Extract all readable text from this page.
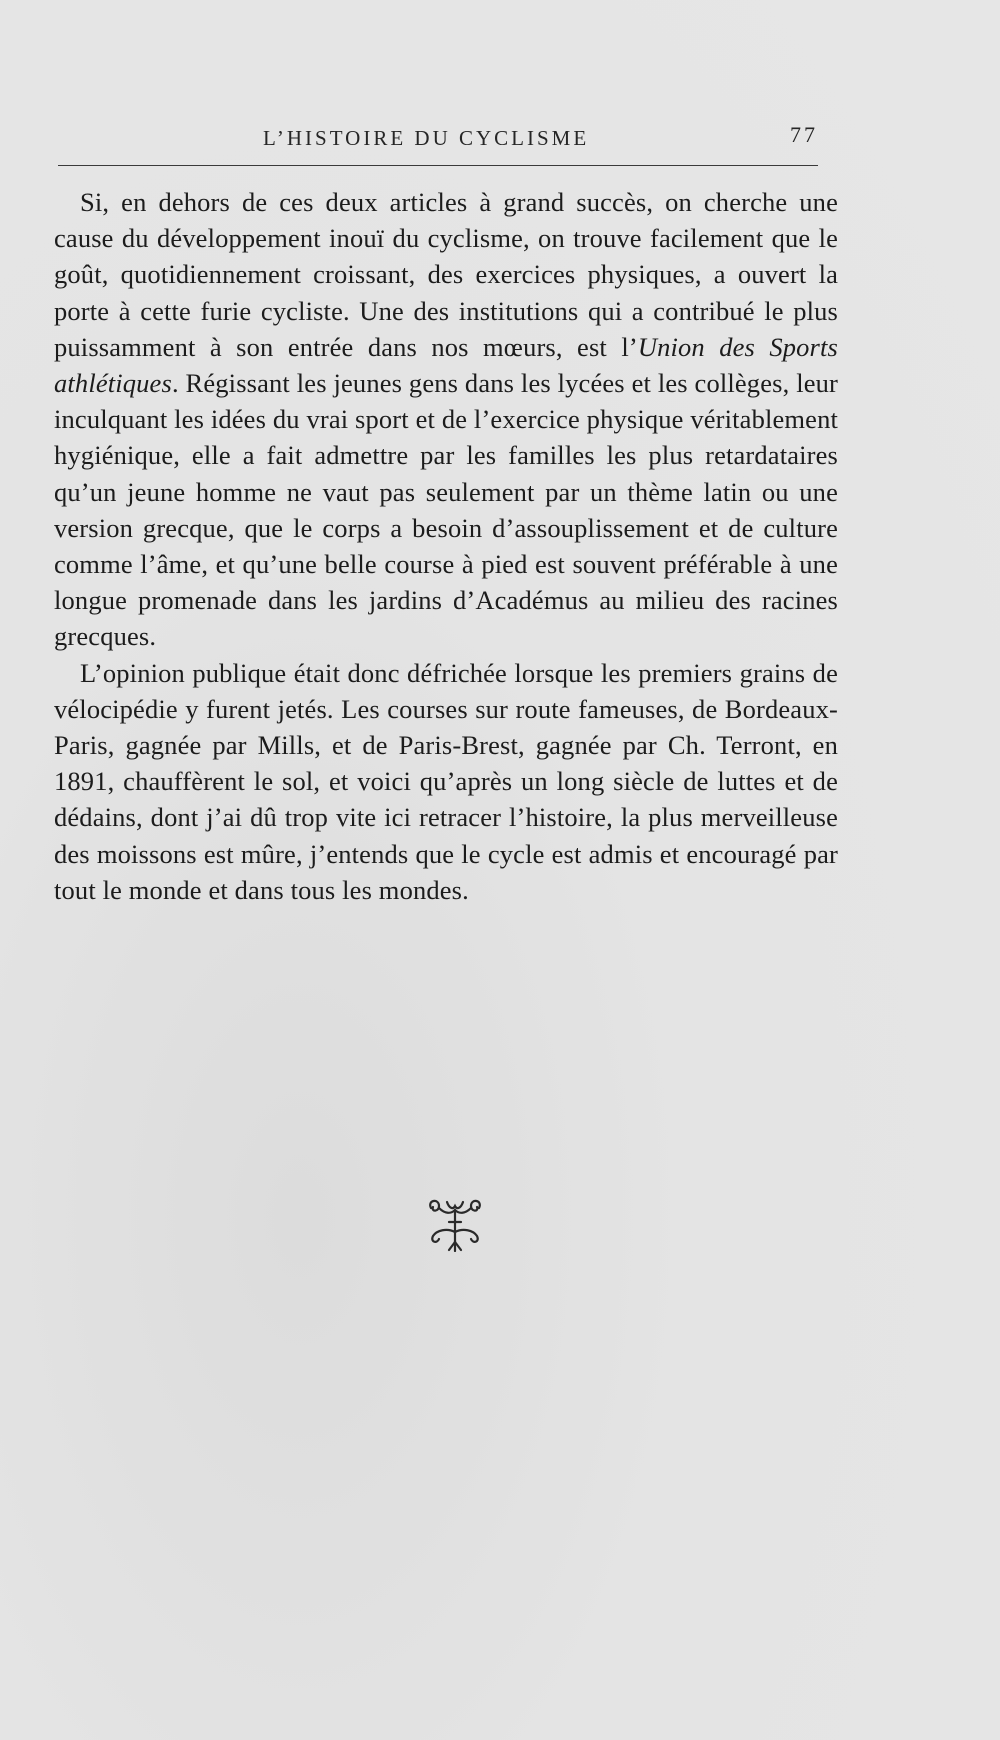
L’HISTOIRE DU CYCLISME	77

Si, en dehors de ces deux articles à grand succès, on cherche une cause du développement inouï du cyclisme, on trouve facilement que le goût, quotidiennement croissant, des exercices physiques, a ouvert la porte à cette furie cycliste. Une des institutions qui a contribué le plus puissamment à son entrée dans nos mœurs, est l’Union des Sports athlétiques. Régissant les jeunes gens dans les lycées et les collèges, leur inculquant les idées du vrai sport et de l’exercice physique véritablement hygiénique, elle a fait admettre par les familles les plus retardataires qu’un jeune homme ne vaut pas seulement par un thème latin ou une version grecque, que le corps a besoin d’assouplissement et de culture comme l’âme, et qu’une belle course à pied est souvent préférable à une longue promenade dans les jardins d’Académus au milieu des racines grecques.

L’opinion publique était donc défrichée lorsque les premiers grains de vélocipédie y furent jetés. Les courses sur route fameuses, de Bordeaux-Paris, gagnée par Mills, et de Paris-Brest, gagnée par Ch. Terront, en 1891, chauffèrent le sol, et voici qu’après un long siècle de luttes et de dédains, dont j’ai dû trop vite ici retracer l’histoire, la plus merveilleuse des moissons est mûre, j’entends que le cycle est admis et encouragé par tout le monde et dans tous les mondes.
